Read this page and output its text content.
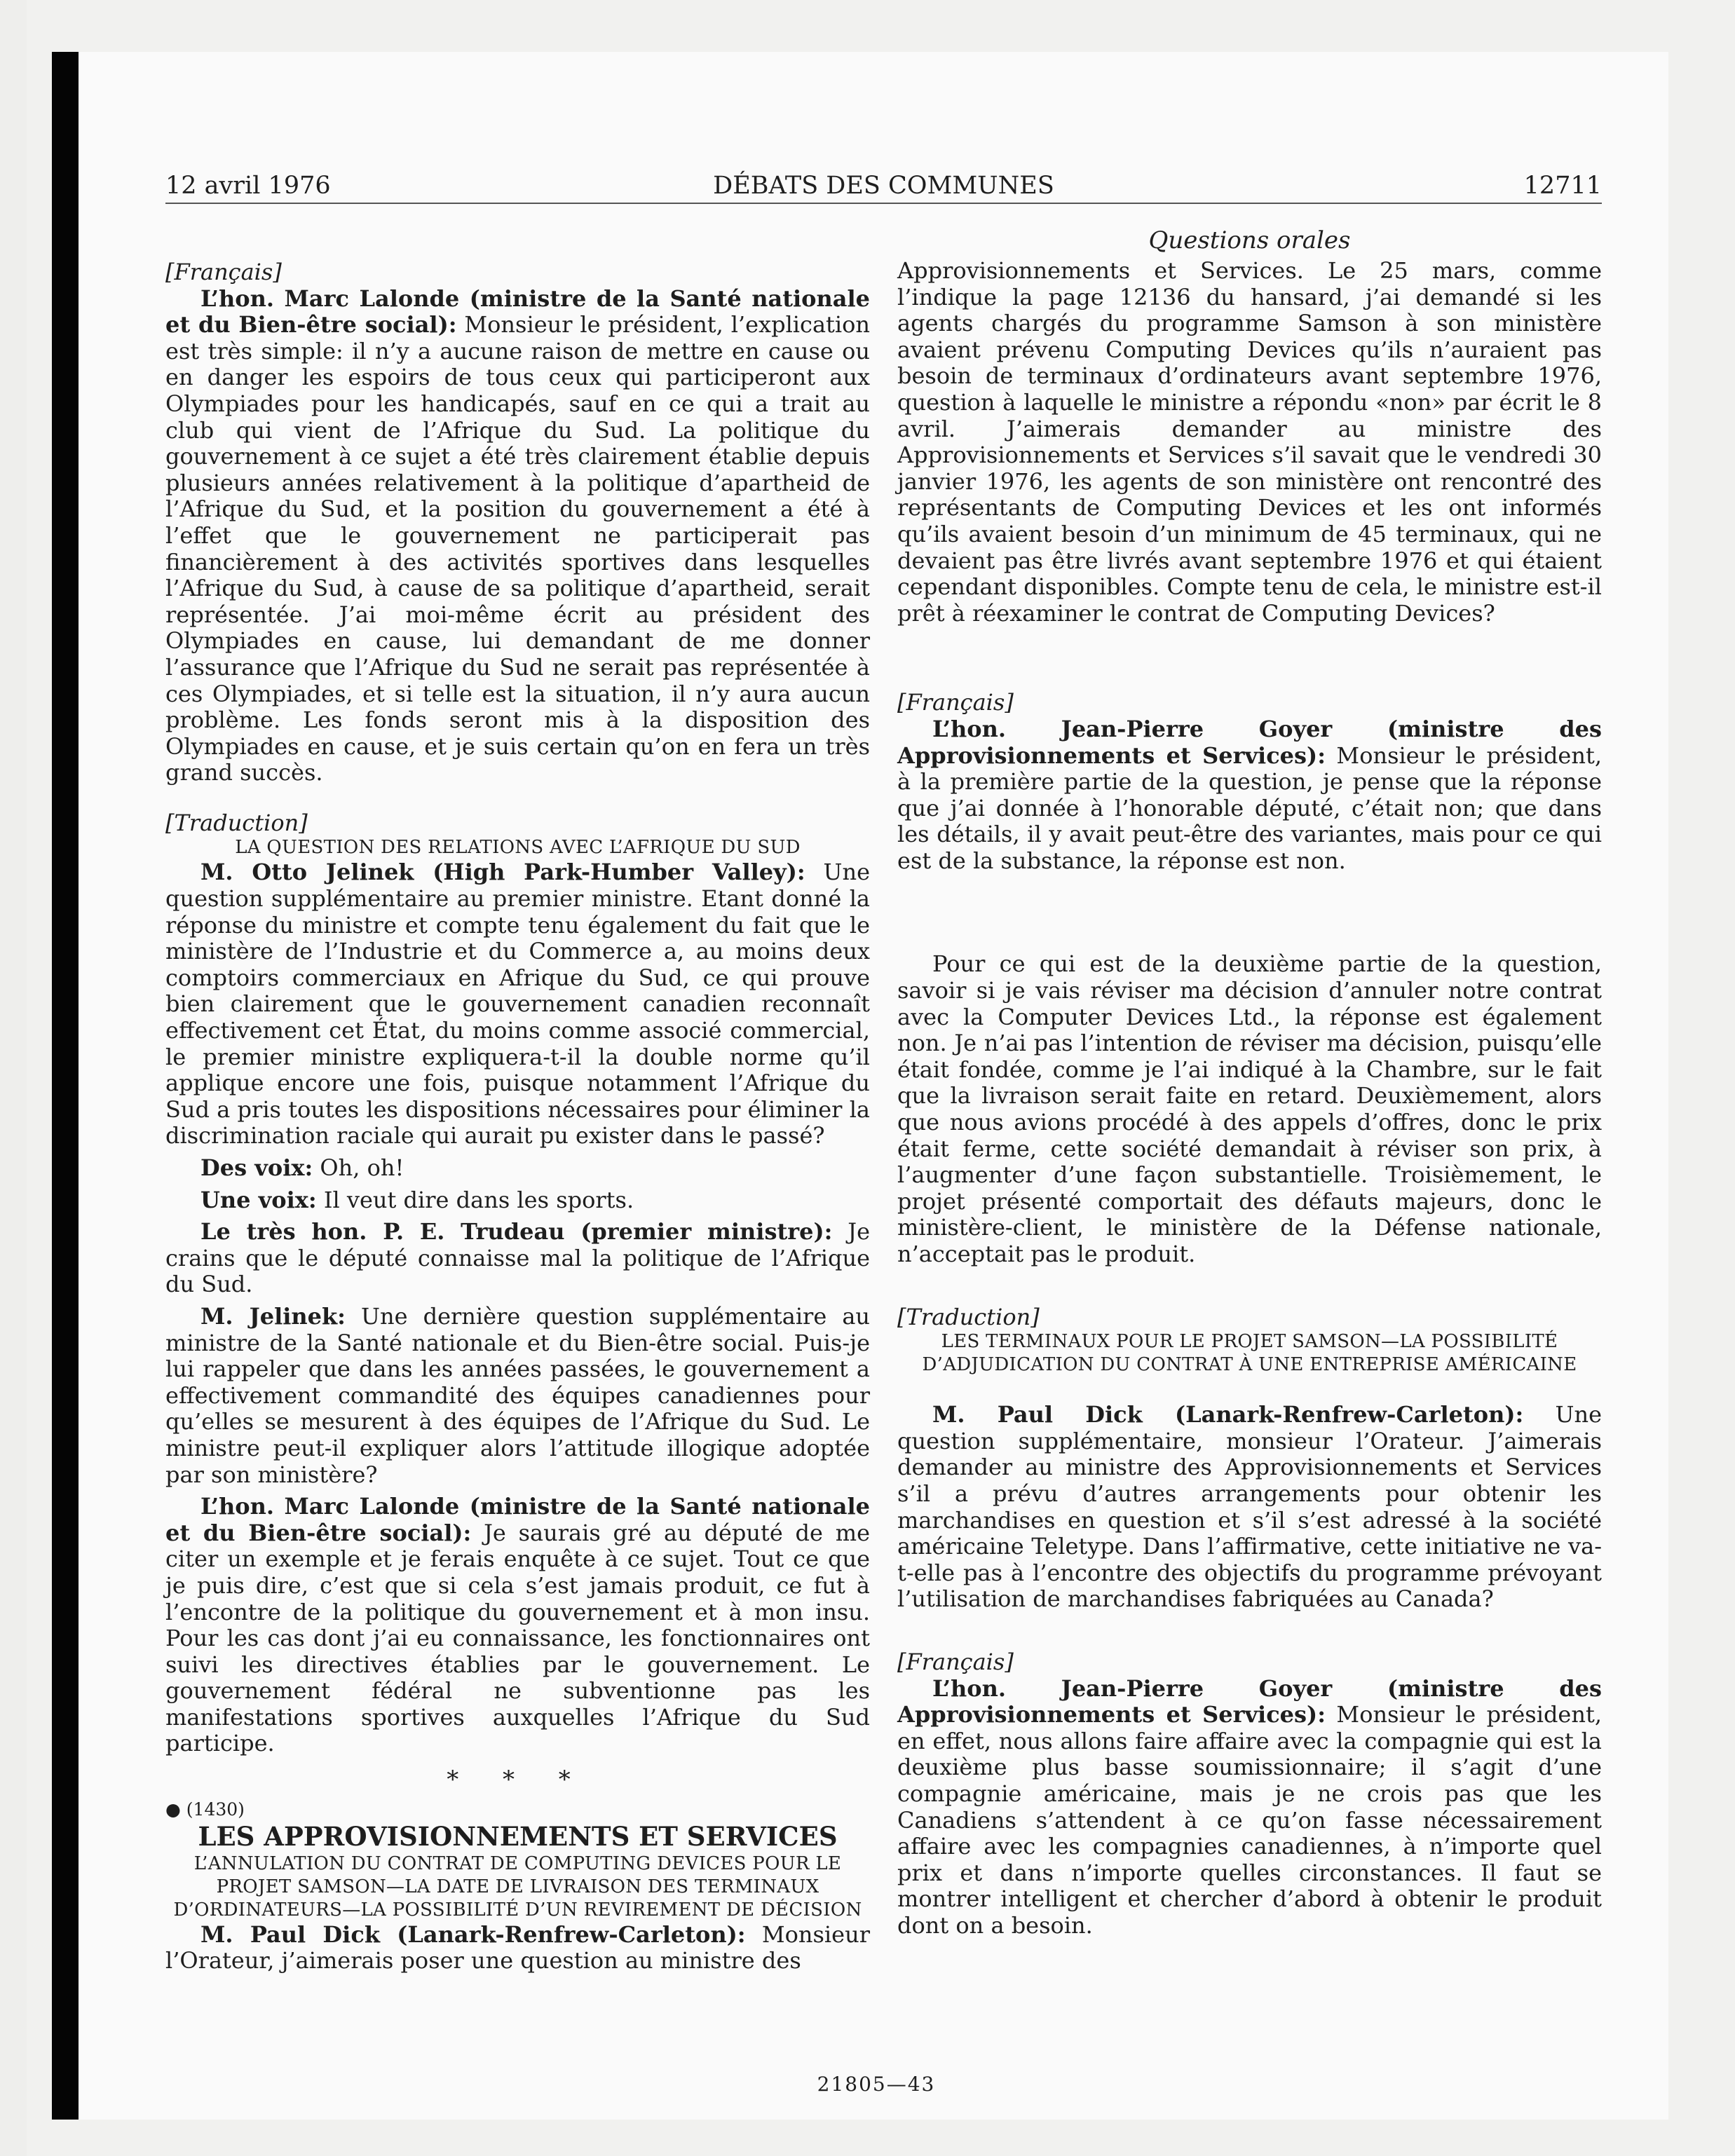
12 avril 1976	DÉBATS DES COMMUNES	12711
Questions orales

[Français]

L’hon. Marc Lalonde (ministre de la Santé nationale et du Bien-être social): Monsieur le président, l’explication est très simple: il n’y a aucune raison de mettre en cause ou en danger les espoirs de tous ceux qui participeront aux Olympiades pour les handicapés, sauf en ce qui a trait au club qui vient de l’Afrique du Sud. La politique du gouvernement à ce sujet a été très clairement établie depuis plusieurs années relativement à la politique d’apartheid de l’Afrique du Sud, et la position du gouvernement a été à l’effet que le gouvernement ne participerait pas financièrement à des activités sportives dans lesquelles l’Afrique du Sud, à cause de sa politique d’apartheid, serait représentée. J’ai moi-même écrit au président des Olympiades en cause, lui demandant de me donner l’assurance que l’Afrique du Sud ne serait pas représentée à ces Olympiades, et si telle est la situation, il n’y aura aucun problème. Les fonds seront mis à la disposition des Olympiades en cause, et je suis certain qu’on en fera un très grand succès.

[Traduction]

LA QUESTION DES RELATIONS AVEC L’AFRIQUE DU SUD

M. Otto Jelinek (High Park-Humber Valley): Une question supplémentaire au premier ministre. Etant donné la réponse du ministre et compte tenu également du fait que le ministère de l’Industrie et du Commerce a, au moins deux comptoirs commerciaux en Afrique du Sud, ce qui prouve bien clairement que le gouvernement canadien reconnaît effectivement cet État, du moins comme associé commercial, le premier ministre expliquera-t-il la double norme qu’il applique encore une fois, puisque notamment l’Afrique du Sud a pris toutes les dispositions nécessaires pour éliminer la discrimination raciale qui aurait pu exister dans le passé?

Des voix: Oh, oh!

Une voix: Il veut dire dans les sports.

Le très hon. P. E. Trudeau (premier ministre): Je crains que le député connaisse mal la politique de l’Afrique du Sud.

M. Jelinek: Une dernière question supplémentaire au ministre de la Santé nationale et du Bien-être social. Puis-je lui rappeler que dans les années passées, le gouvernement a effectivement commandité des équipes canadiennes pour qu’elles se mesurent à des équipes de l’Afrique du Sud. Le ministre peut-il expliquer alors l’attitude illogique adoptée par son ministère?

L’hon. Marc Lalonde (ministre de la Santé nationale et du Bien-être social): Je saurais gré au député de me citer un exemple et je ferais enquête à ce sujet. Tout ce que je puis dire, c’est que si cela s’est jamais produit, ce fut à l’encontre de la politique du gouvernement et à mon insu. Pour les cas dont j’ai eu connaissance, les fonctionnaires ont suivi les directives établies par le gouvernement. Le gouvernement fédéral ne subventionne pas les manifestations sportives auxquelles l’Afrique du Sud participe.

* * *

● (1430)

LES APPROVISIONNEMENTS ET SERVICES

L’ANNULATION DU CONTRAT DE COMPUTING DEVICES POUR LE PROJET SAMSON—LA DATE DE LIVRAISON DES TERMINAUX D’ORDINATEURS—LA POSSIBILITÉ D’UN REVIREMENT DE DÉCISION

M. Paul Dick (Lanark-Renfrew-Carleton): Monsieur l’Orateur, j’aimerais poser une question au ministre des

Approvisionnements et Services. Le 25 mars, comme l’indique la page 12136 du hansard, j’ai demandé si les agents chargés du programme Samson à son ministère avaient prévenu Computing Devices qu’ils n’auraient pas besoin de terminaux d’ordinateurs avant septembre 1976, question à laquelle le ministre a répondu «non» par écrit le 8 avril. J’aimerais demander au ministre des Approvisionnements et Services s’il savait que le vendredi 30 janvier 1976, les agents de son ministère ont rencontré des représentants de Computing Devices et les ont informés qu’ils avaient besoin d’un minimum de 45 terminaux, qui ne devaient pas être livrés avant septembre 1976 et qui étaient cependant disponibles. Compte tenu de cela, le ministre est-il prêt à réexaminer le contrat de Computing Devices?

[Français]

L’hon. Jean-Pierre Goyer (ministre des Approvisionnements et Services): Monsieur le président, à la première partie de la question, je pense que la réponse que j’ai donnée à l’honorable député, c’était non; que dans les détails, il y avait peut-être des variantes, mais pour ce qui est de la substance, la réponse est non.

Pour ce qui est de la deuxième partie de la question, savoir si je vais réviser ma décision d’annuler notre contrat avec la Computer Devices Ltd., la réponse est également non. Je n’ai pas l’intention de réviser ma décision, puisqu’elle était fondée, comme je l’ai indiqué à la Chambre, sur le fait que la livraison serait faite en retard. Deuxièmement, alors que nous avions procédé à des appels d’offres, donc le prix était ferme, cette société demandait à réviser son prix, à l’augmenter d’une façon substantielle. Troisièmement, le projet présenté comportait des défauts majeurs, donc le ministère-client, le ministère de la Défense nationale, n’acceptait pas le produit.

[Traduction]

LES TERMINAUX POUR LE PROJET SAMSON—LA POSSIBILITÉ D’ADJUDICATION DU CONTRAT À UNE ENTREPRISE AMÉRICAINE

M. Paul Dick (Lanark-Renfrew-Carleton): Une question supplémentaire, monsieur l’Orateur. J’aimerais demander au ministre des Approvisionnements et Services s’il a prévu d’autres arrangements pour obtenir les marchandises en question et s’il s’est adressé à la société américaine Teletype. Dans l’affirmative, cette initiative ne va-t-elle pas à l’encontre des objectifs du programme prévoyant l’utilisation de marchandises fabriquées au Canada?

[Français]

L’hon. Jean-Pierre Goyer (ministre des Approvisionnements et Services): Monsieur le président, en effet, nous allons faire affaire avec la compagnie qui est la deuxième plus basse soumissionnaire; il s’agit d’une compagnie américaine, mais je ne crois pas que les Canadiens s’attendent à ce qu’on fasse nécessairement affaire avec les compagnies canadiennes, à n’importe quel prix et dans n’importe quelles circonstances. Il faut se montrer intelligent et chercher d’abord à obtenir le produit dont on a besoin.

21805—43
